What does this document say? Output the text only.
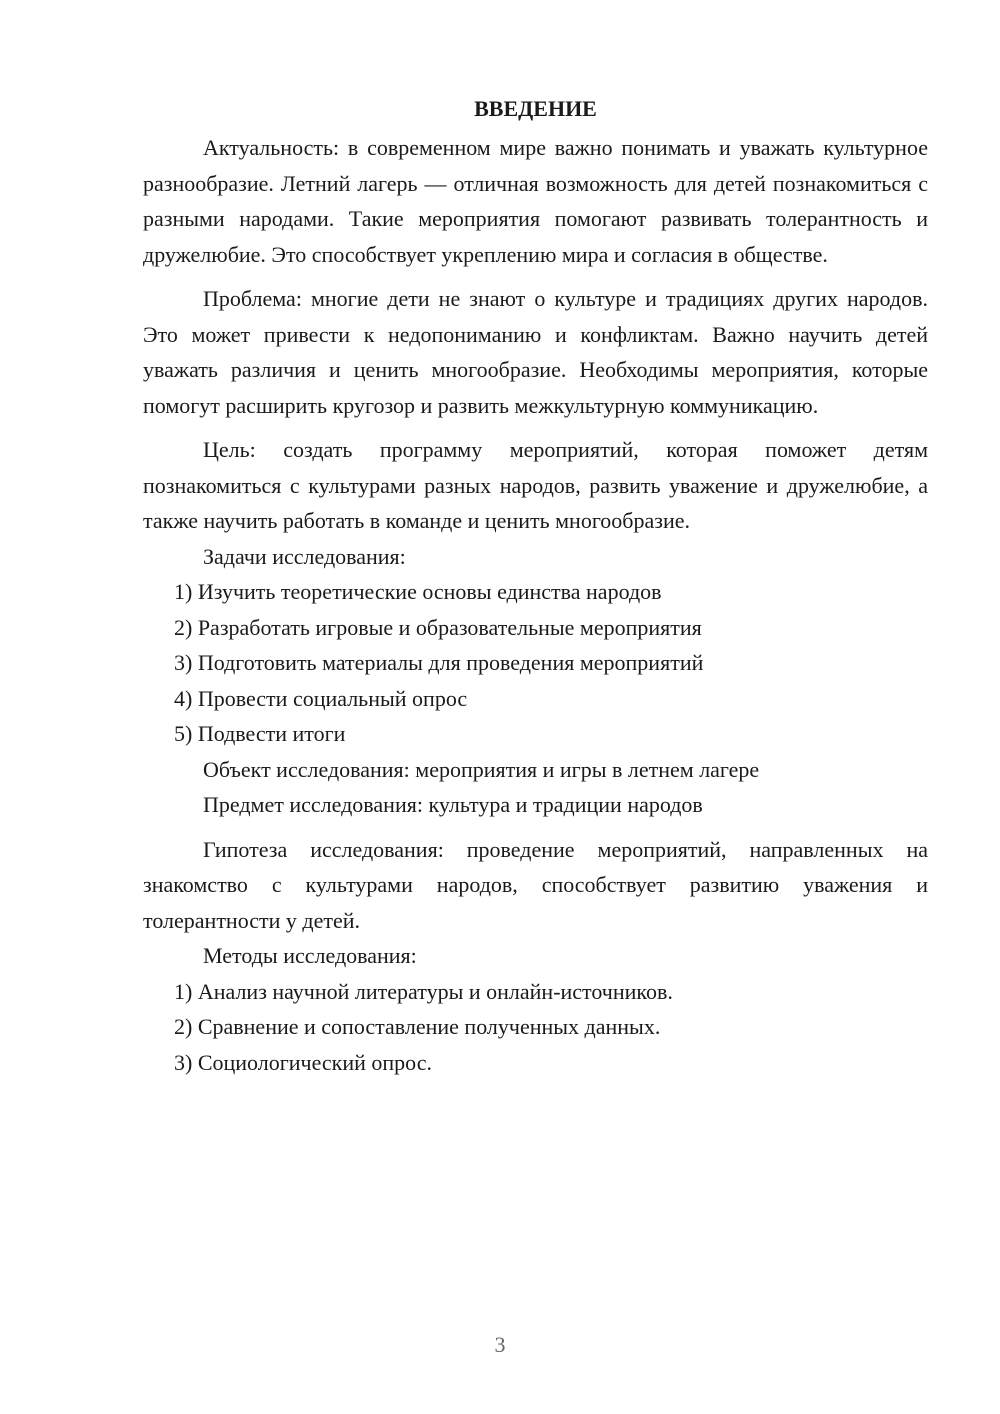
ВВЕДЕНИЕ

Актуальность: в современном мире важно понимать и уважать культурное разнообразие. Летний лагерь — отличная возможность для детей познакомиться с разными народами. Такие мероприятия помогают развивать толерантность и дружелюбие. Это способствует укреплению мира и согласия в обществе.

Проблема: многие дети не знают о культуре и традициях других народов. Это может привести к недопониманию и конфликтам. Важно научить детей уважать различия и ценить многообразие. Необходимы мероприятия, которые помогут расширить кругозор и развить межкультурную коммуникацию.

Цель: создать программу мероприятий, которая поможет детям познакомиться с культурами разных народов, развить уважение и дружелюбие, а также научить работать в команде и ценить многообразие.

Задачи исследования:

1) Изучить теоретические основы единства народов

2) Разработать игровые и образовательные мероприятия

3) Подготовить материалы для проведения мероприятий

4) Провести социальный опрос

5) Подвести итоги

Объект исследования: мероприятия и игры в летнем лагере

Предмет исследования: культура и традиции народов

Гипотеза исследования: проведение мероприятий, направленных на знакомство с культурами народов, способствует развитию уважения и толерантности у детей.

Методы исследования:

1) Анализ научной литературы и онлайн-источников.

2) Сравнение и сопоставление полученных данных.

3) Социологический опрос.

3
